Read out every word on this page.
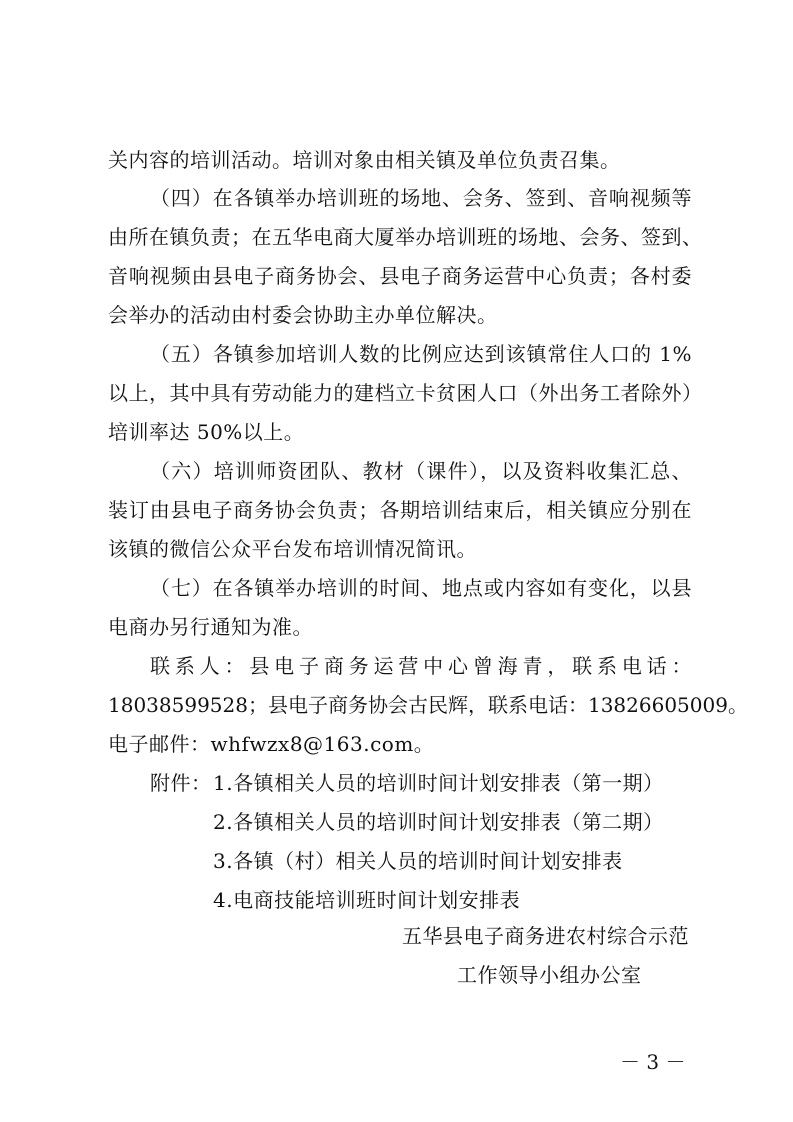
关内容的培训活动。培训对象由相关镇及单位负责召集。
（四）在各镇举办培训班的场地、会务、签到、音响视频等
由所在镇负责；在五华电商大厦举办培训班的场地、会务、签到、
音响视频由县电子商务协会、县电子商务运营中心负责；各村委
会举办的活动由村委会协助主办单位解决。
（五）各镇参加培训人数的比例应达到该镇常住人口的 1%
以上，其中具有劳动能力的建档立卡贫困人口（外出务工者除外）
培训率达 50%以上。
（六）培训师资团队、教材（课件），以及资料收集汇总、
装订由县电子商务协会负责；各期培训结束后，相关镇应分别在
该镇的微信公众平台发布培训情况简讯。
（七）在各镇举办培训的时间、地点或内容如有变化，以县
电商办另行通知为准。
联系人：县电子商务运营中心曾海青，联系电话：
18038599528；县电子商务协会古民辉，联系电话：13826605009。
电子邮件：whfwzx8@163.com。
附件： 1.各镇相关人员的培训时间计划安排表（第一期）
2.各镇相关人员的培训时间计划安排表（第二期）
3.各镇（村）相关人员的培训时间计划安排表
4.电商技能培训班时间计划安排表
五华县电子商务进农村综合示范
工作领导小组办公室
－ 3 －
